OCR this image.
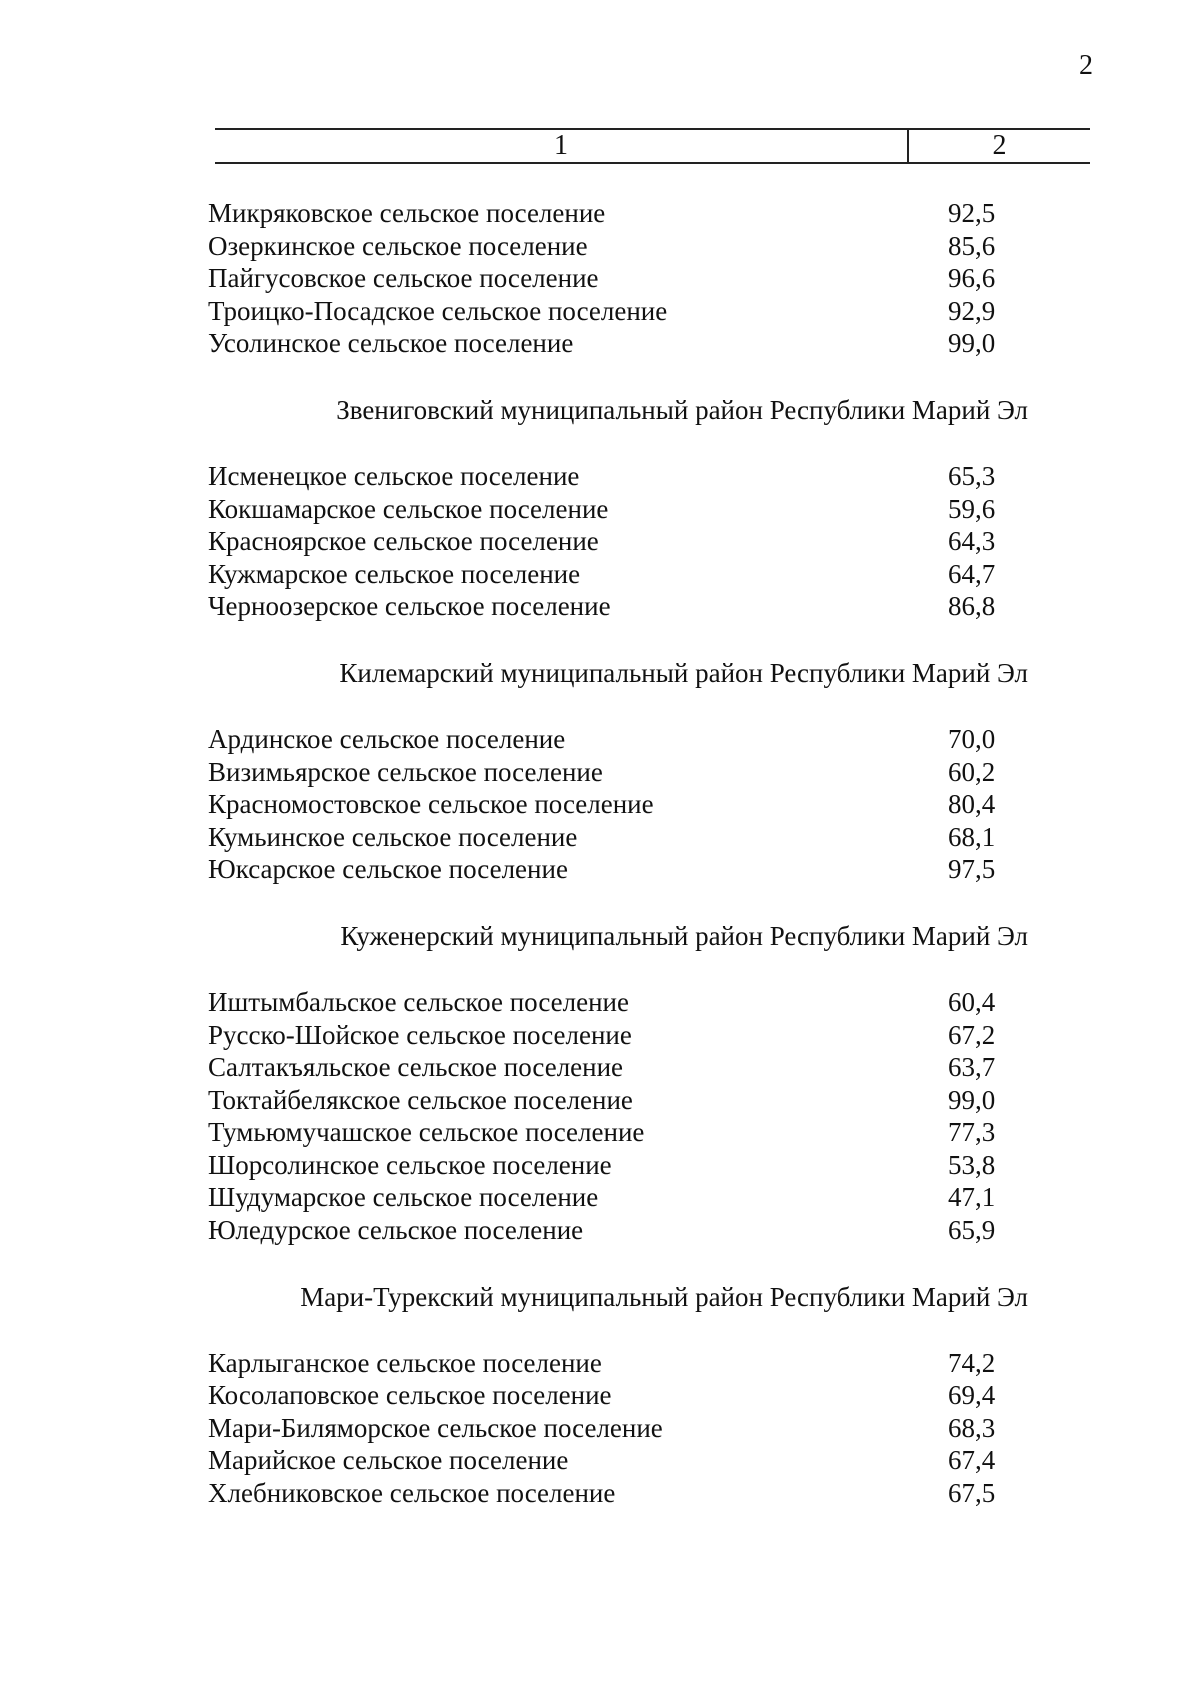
2
1	2
Микряковское сельское поселение	92,5
Озеркинское сельское поселение	85,6
Пайгусовское сельское поселение	96,6
Троицко-Посадское сельское поселение	92,9
Усолинское сельское поселение	99,0
Звениговский муниципальный район Республики Марий Эл
Исменецкое сельское поселение	65,3
Кокшамарское сельское поселение	59,6
Красноярское сельское поселение	64,3
Кужмарское сельское поселение	64,7
Черноозерское сельское поселение	86,8
Килемарский муниципальный район Республики Марий Эл
Ардинское сельское поселение	70,0
Визимьярское сельское поселение	60,2
Красномостовское сельское поселение	80,4
Кумьинское сельское поселение	68,1
Юксарское сельское поселение	97,5
Куженерский муниципальный район Республики Марий Эл
Иштымбальское сельское поселение	60,4
Русско-Шойское сельское поселение	67,2
Салтакъяльское сельское поселение	63,7
Токтайбелякское сельское поселение	99,0
Тумьюмучашское сельское поселение	77,3
Шорсолинское сельское поселение	53,8
Шудумарское сельское поселение	47,1
Юледурское сельское поселение	65,9
Мари-Турекский муниципальный район Республики Марий Эл
Карлыганское сельское поселение	74,2
Косолаповское сельское поселение	69,4
Мари-Биляморское сельское поселение	68,3
Марийское сельское поселение	67,4
Хлебниковское сельское поселение	67,5
